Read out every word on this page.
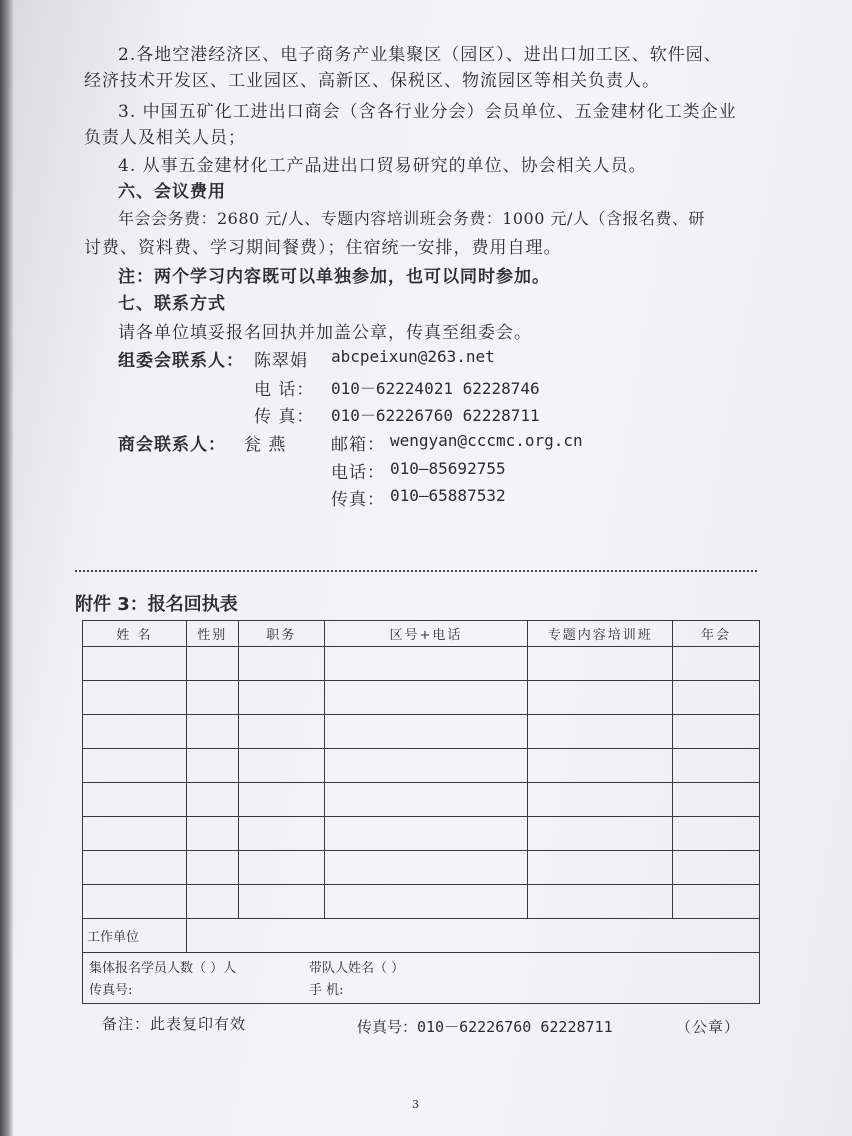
2.各地空港经济区、电子商务产业集聚区（园区）、进出口加工区、软件园、
经济技术开发区、工业园区、高新区、保税区、物流园区等相关负责人。
3. 中国五矿化工进出口商会（含各行业分会）会员单位、五金建材化工类企业
负责人及相关人员；
4. 从事五金建材化工产品进出口贸易研究的单位、协会相关人员。
六、会议费用
年会会务费：2680 元/人、专题内容培训班会务费：1000 元/人（含报名费、研
讨费、资料费、学习期间餐费）；住宿统一安排，费用自理。
注：两个学习内容既可以单独参加，也可以同时参加。
七、联系方式
请各单位填妥报名回执并加盖公章，传真至组委会。
组委会联系人： 陈翠娟 abcpeixun@263.net
电 话： 010－62224021 62228746
传 真： 010－62226760 62228711
商会联系人： 瓮 燕	邮箱： wengyan@cccmc.org.cn
电话： 010—85692755
传真： 010—65887532
附件 3：报名回执表
姓 名	性别	职务	区号+电话	专题内容培训班	年会

工作单位					

集体报名学员人数（ ）人 带队人姓名（ ）
传真号: 手 机:					
备注：此表复印有效	传真号：010－62226760 62228711	（公章）
3
